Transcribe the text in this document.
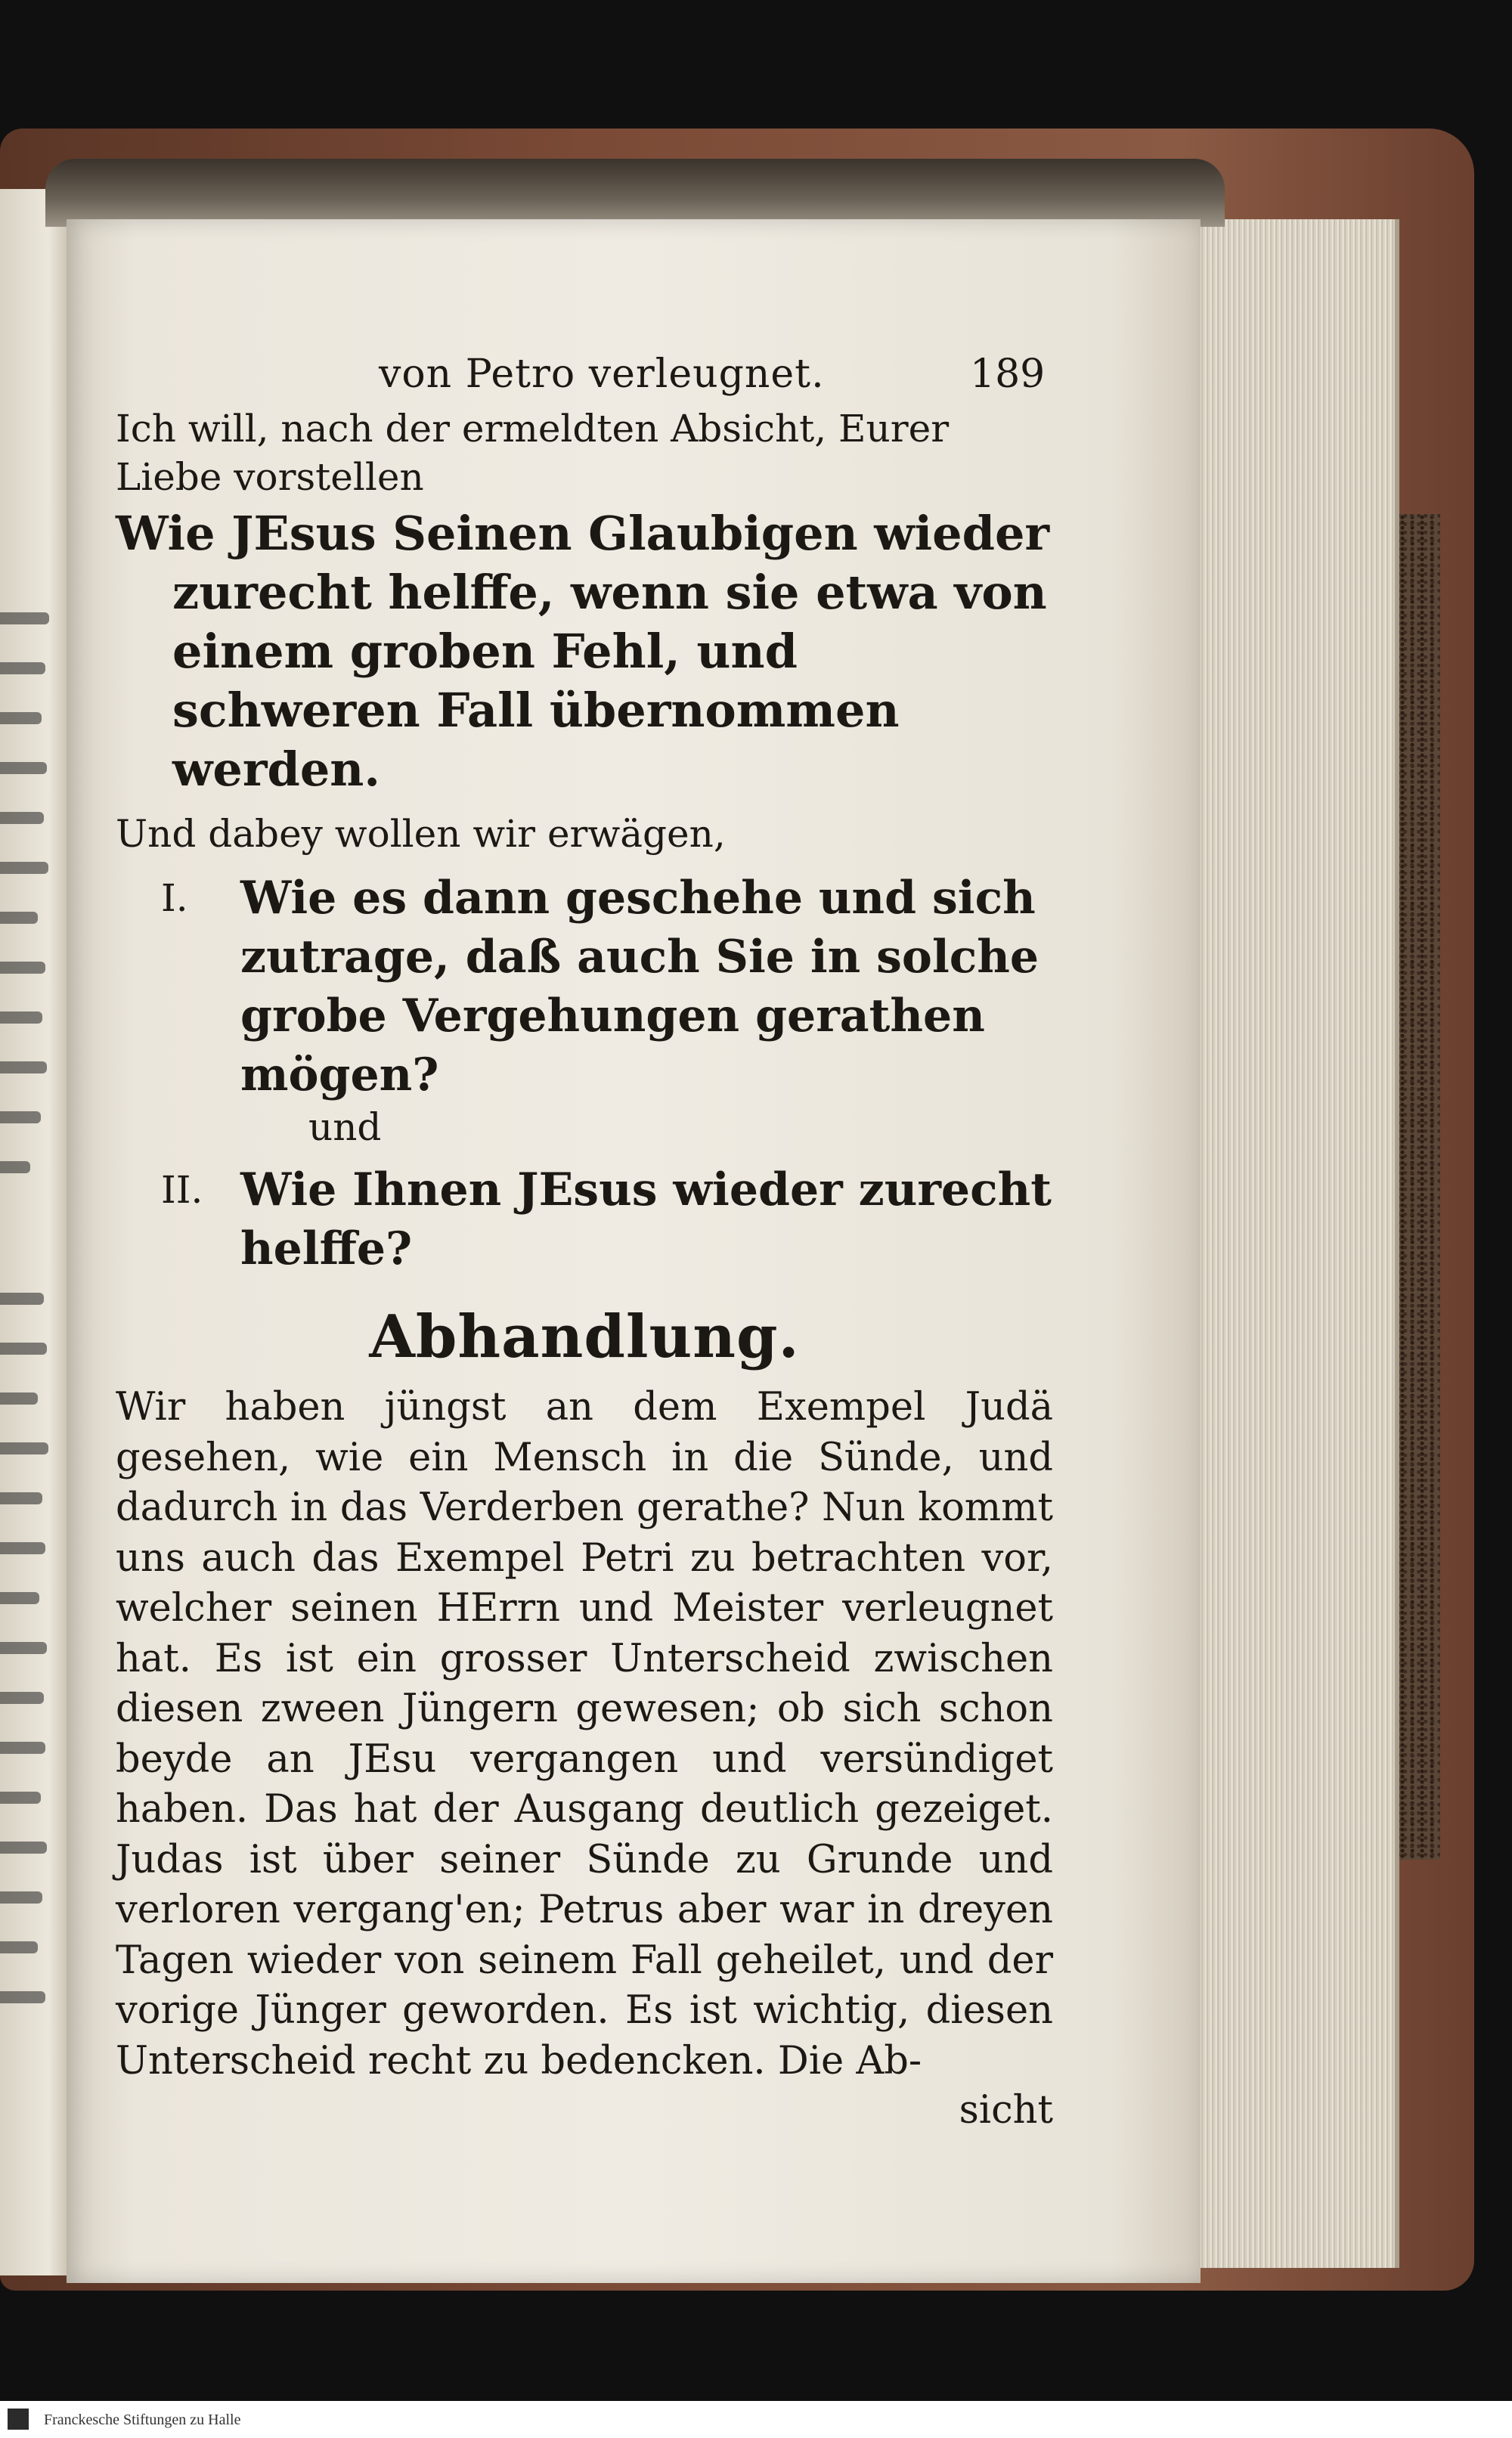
von Petro verleugnet.	189

Ich will, nach der ermeldten Absicht, Eurer Liebe vorstellen

Wie JEsus Seinen Glaubigen wieder zurecht helffe, wenn sie etwa von einem groben Fehl, und schweren Fall übernommen werden.

Und dabey wollen wir erwägen,

I.	Wie es dann geschehe und sich zutrage, daß auch Sie in solche grobe Vergehungen gerathen mögen?

und

II. Wie Ihnen JEsus wieder zurecht helffe?
Abhandlung.

Wir haben jüngst an dem Exempel Judä gesehen, wie ein Mensch in die Sünde, und dadurch in das Verderben gerathe? Nun kommt uns auch das Exempel Petri zu betrachten vor, welcher seinen HErrn und Meister verleugnet hat. Es ist ein grosser Unterscheid zwischen diesen zween Jüngern gewesen; ob sich schon beyde an JEsu vergangen und versündiget haben. Das hat der Ausgang deutlich gezeiget. Judas ist über seiner Sünde zu Grunde und verloren vergang'en; Petrus aber war in dreyen Tagen wieder von seinem Fall geheilet, und der vorige Jünger geworden. Es ist wichtig, diesen Unterscheid recht zu bedencken. Die Ab-

sicht

Franckesche Stiftungen zu Halle
